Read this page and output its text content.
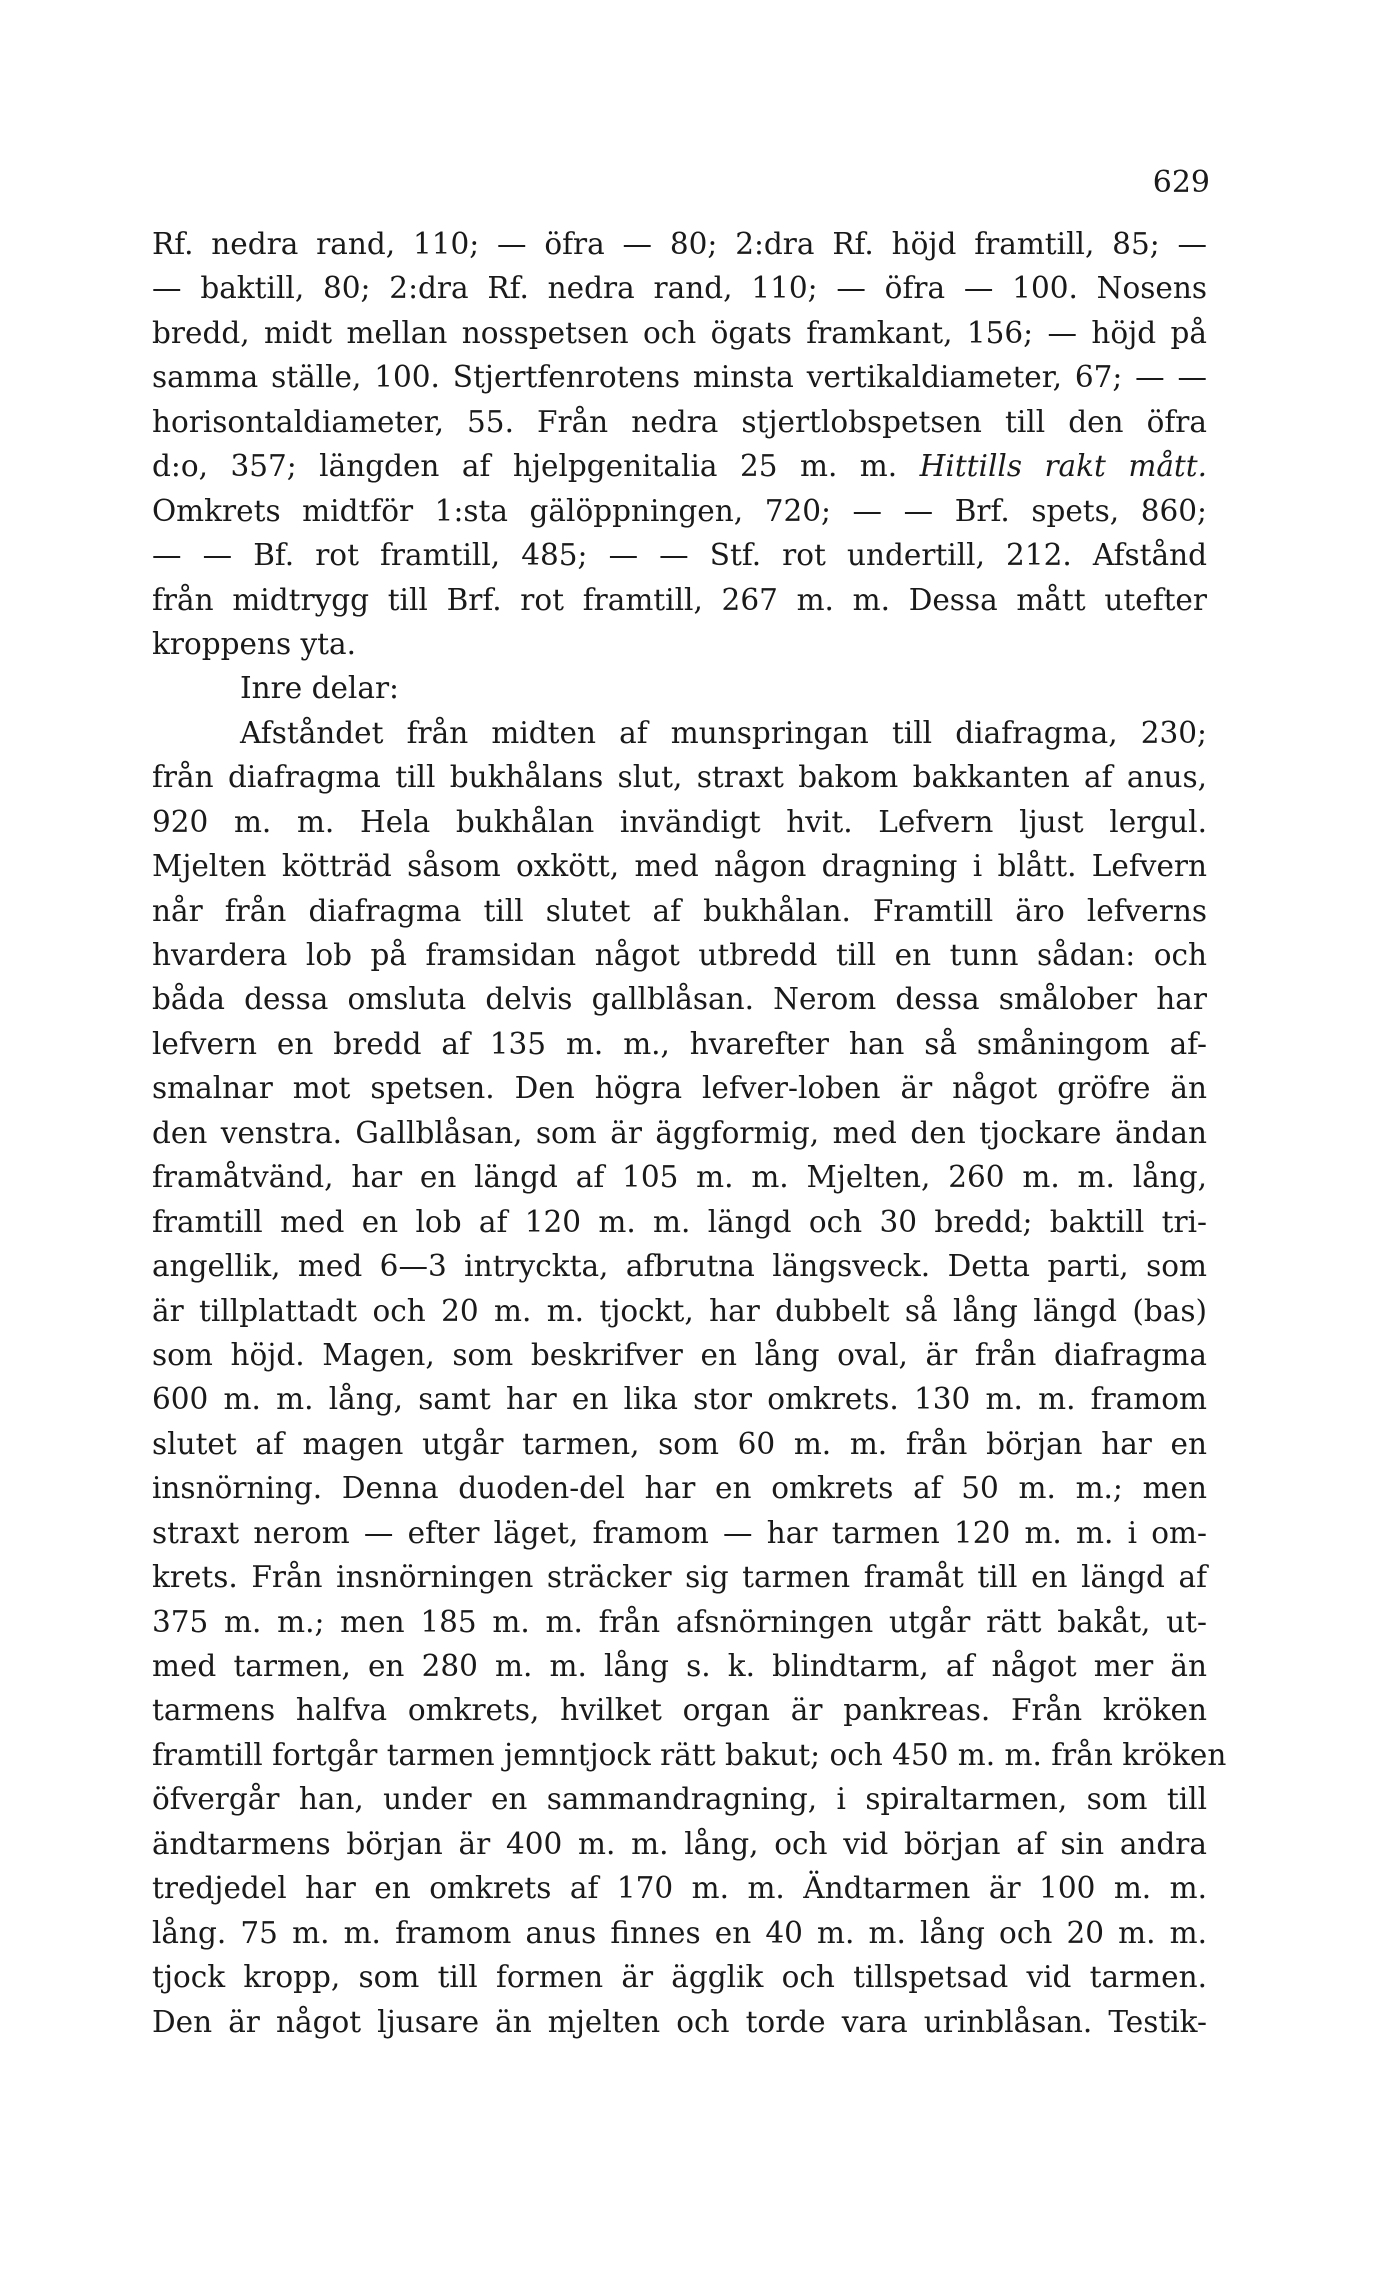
629
Rf. nedra rand, 110; — öfra — 80; 2:dra Rf. höjd framtill, 85; —
— baktill, 80; 2:dra Rf. nedra rand, 110; — öfra — 100. Nosens
bredd, midt mellan nosspetsen och ögats framkant, 156; — höjd på
samma ställe, 100. Stjertfenrotens minsta vertikaldiameter, 67; — —
horisontaldiameter, 55. Från nedra stjertlobspetsen till den öfra
d:o, 357; längden af hjelpgenitalia 25 m. m. Hittills rakt mått.
Omkrets midtför 1:sta gälöppningen, 720; — — Brf. spets, 860;
— — Bf. rot framtill, 485; — — Stf. rot undertill, 212. Afstånd
från midtrygg till Brf. rot framtill, 267 m. m. Dessa mått utefter
kroppens yta.
Inre delar:
Afståndet från midten af munspringan till diafragma, 230;
från diafragma till bukhålans slut, straxt bakom bakkanten af anus,
920 m. m. Hela bukhålan invändigt hvit. Lefvern ljust lergul.
Mjelten kötträd såsom oxkött, med någon dragning i blått. Lefvern
når från diafragma till slutet af bukhålan. Framtill äro lefverns
hvardera lob på framsidan något utbredd till en tunn sådan: och
båda dessa omsluta delvis gallblåsan. Nerom dessa smålober har
lefvern en bredd af 135 m. m., hvarefter han så småningom af-
smalnar mot spetsen. Den högra lefver-loben är något gröfre än
den venstra. Gallblåsan, som är äggformig, med den tjockare ändan
framåtvänd, har en längd af 105 m. m. Mjelten, 260 m. m. lång,
framtill med en lob af 120 m. m. längd och 30 bredd; baktill tri-
angellik, med 6—3 intryckta, afbrutna längsveck. Detta parti, som
är tillplattadt och 20 m. m. tjockt, har dubbelt så lång längd (bas)
som höjd. Magen, som beskrifver en lång oval, är från diafragma
600 m. m. lång, samt har en lika stor omkrets. 130 m. m. framom
slutet af magen utgår tarmen, som 60 m. m. från början har en
insnörning. Denna duoden-del har en omkrets af 50 m. m.; men
straxt nerom — efter läget, framom — har tarmen 120 m. m. i om-
krets. Från insnörningen sträcker sig tarmen framåt till en längd af
375 m. m.; men 185 m. m. från afsnörningen utgår rätt bakåt, ut-
med tarmen, en 280 m. m. lång s. k. blindtarm, af något mer än
tarmens halfva omkrets, hvilket organ är pankreas. Från kröken
framtill fortgår tarmen jemntjock rätt bakut; och 450 m. m. från kröken
öfvergår han, under en sammandragning, i spiraltarmen, som till
ändtarmens början är 400 m. m. lång, och vid början af sin andra
tredjedel har en omkrets af 170 m. m. Ändtarmen är 100 m. m.
lång. 75 m. m. framom anus finnes en 40 m. m. lång och 20 m. m.
tjock kropp, som till formen är ägglik och tillspetsad vid tarmen.
Den är något ljusare än mjelten och torde vara urinblåsan. Testik-
